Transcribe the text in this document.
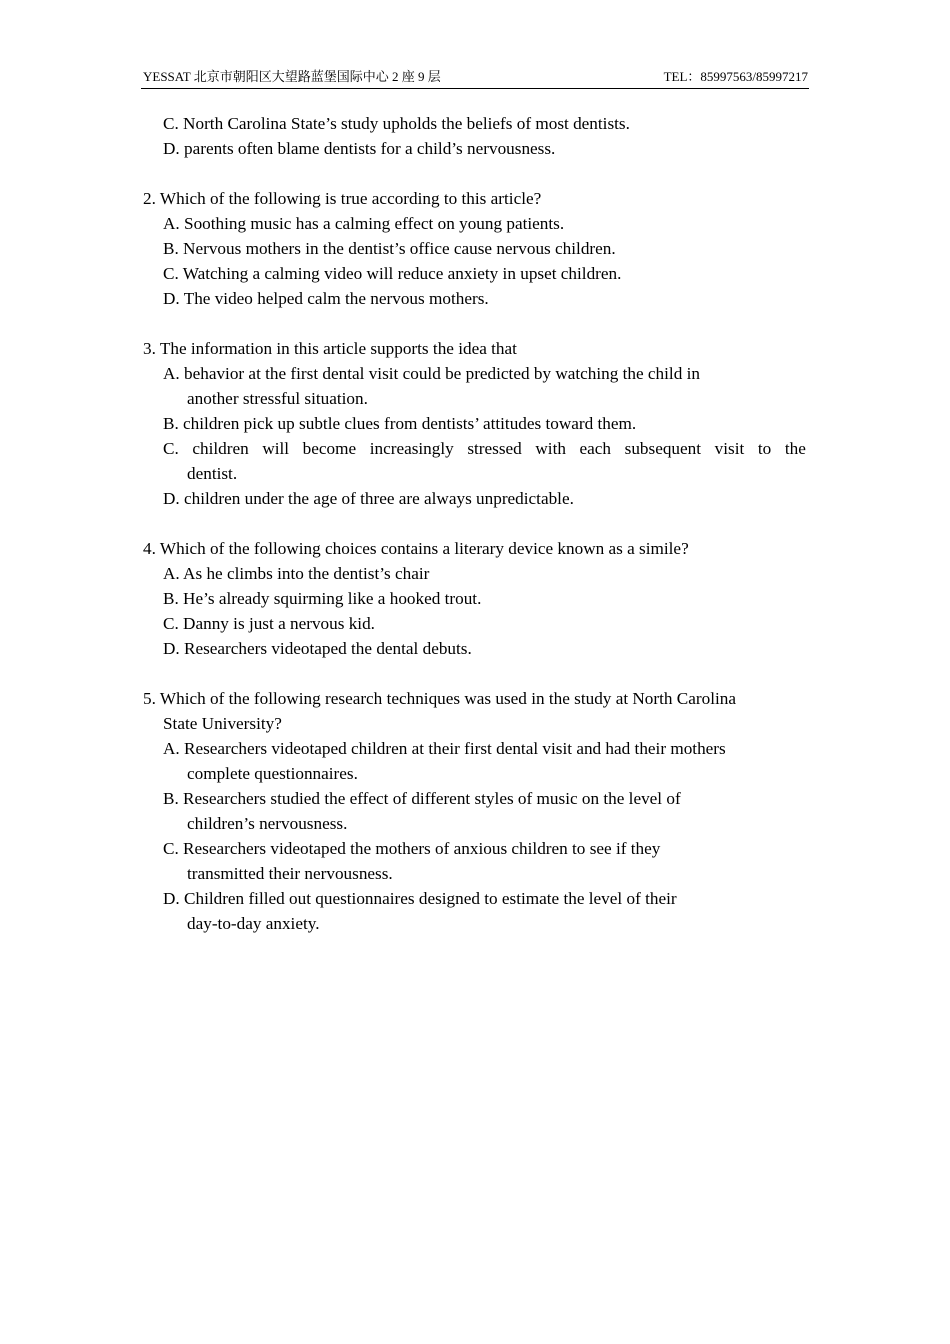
YESSAT 北京市朝阳区大望路蓝堡国际中心 2 座 9 层	TEL：85997563/85997217
C. North Carolina State’s study upholds the beliefs of most dentists.
D. parents often blame dentists for a child’s nervousness.
2. Which of the following is true according to this article?
A. Soothing music has a calming effect on young patients.
B. Nervous mothers in the dentist’s office cause nervous children.
C. Watching a calming video will reduce anxiety in upset children.
D. The video helped calm the nervous mothers.
3. The information in this article supports the idea that
A. behavior at the first dental visit could be predicted by watching the child in
another stressful situation.
B. children pick up subtle clues from dentists’ attitudes toward them.
C. children will become increasingly stressed with each subsequent visit to the
dentist.
D. children under the age of three are always unpredictable.
4. Which of the following choices contains a literary device known as a simile?
A. As he climbs into the dentist’s chair
B. He’s already squirming like a hooked trout.
C. Danny is just a nervous kid.
D. Researchers videotaped the dental debuts.
5. Which of the following research techniques was used in the study at North Carolina
State University?
A. Researchers videotaped children at their first dental visit and had their mothers
complete questionnaires.
B. Researchers studied the effect of different styles of music on the level of
children’s nervousness.
C. Researchers videotaped the mothers of anxious children to see if they
transmitted their nervousness.
D. Children filled out questionnaires designed to estimate the level of their
day-to-day anxiety.
